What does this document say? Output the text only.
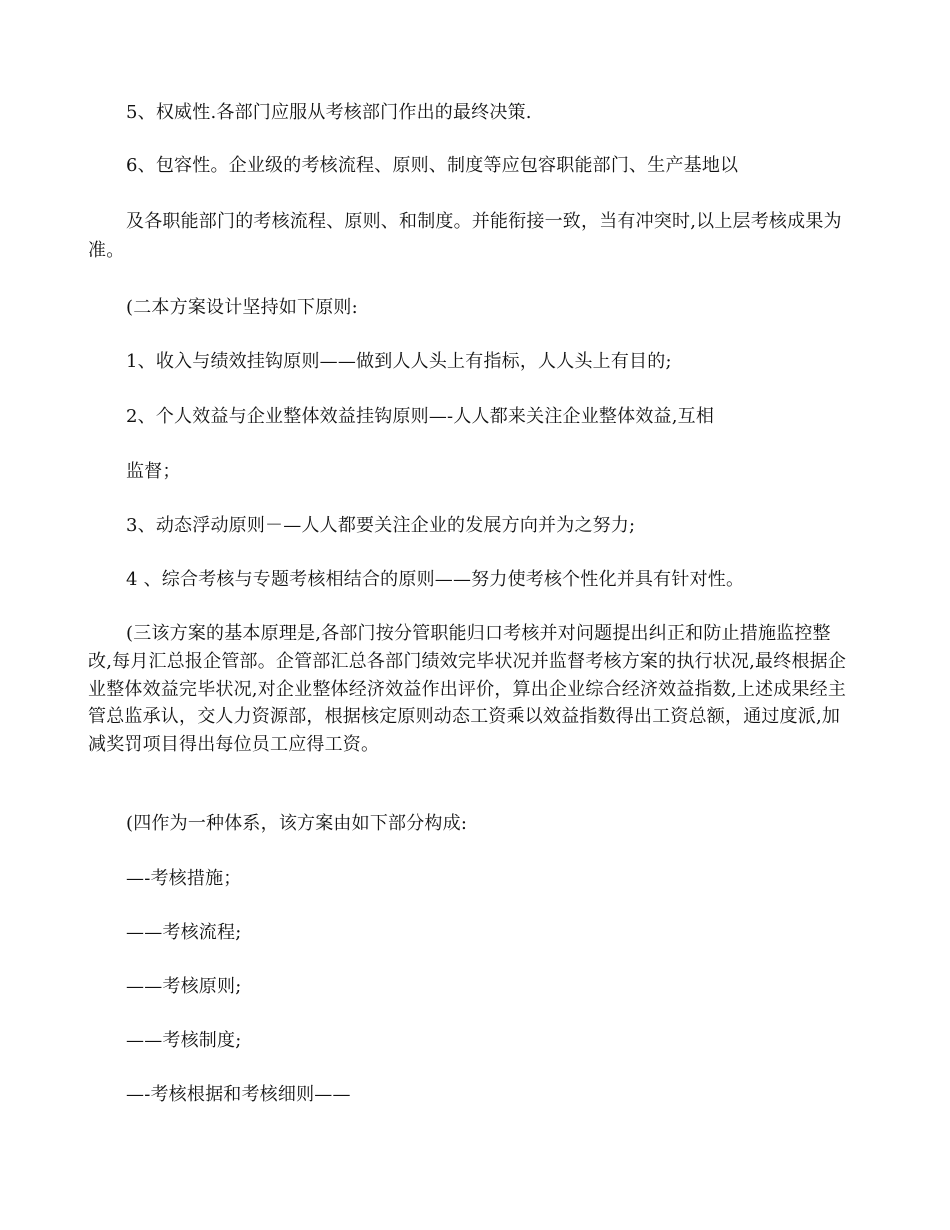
5、权威性.各部门应服从考核部门作出的最终决策.
6、包容性。企业级的考核流程、原则、制度等应包容职能部门、生产基地以
及各职能部门的考核流程、原则、和制度。并能衔接一致，当有冲突时,以上层考核成果为
准。
(二本方案设计坚持如下原则:
1、收入与绩效挂钩原则——做到人人头上有指标，人人头上有目的;
2、个人效益与企业整体效益挂钩原则—-人人都来关注企业整体效益,互相
监督；
3、动态浮动原则－—人人都要关注企业的发展方向并为之努力;
4 、综合考核与专题考核相结合的原则——努力使考核个性化并具有针对性。
(三该方案的基本原理是,各部门按分管职能归口考核并对问题提出纠正和防止措施监控整
改,每月汇总报企管部。企管部汇总各部门绩效完毕状况并监督考核方案的执行状况,最终根据企
业整体效益完毕状况,对企业整体经济效益作出评价，算出企业综合经济效益指数,上述成果经主
管总监承认，交人力资源部，根据核定原则动态工资乘以效益指数得出工资总额，通过度派,加
减奖罚项目得出每位员工应得工资。
(四作为一种体系，该方案由如下部分构成:
—-考核措施；
——考核流程;
——考核原则;
——考核制度;
—-考核根据和考核细则——
